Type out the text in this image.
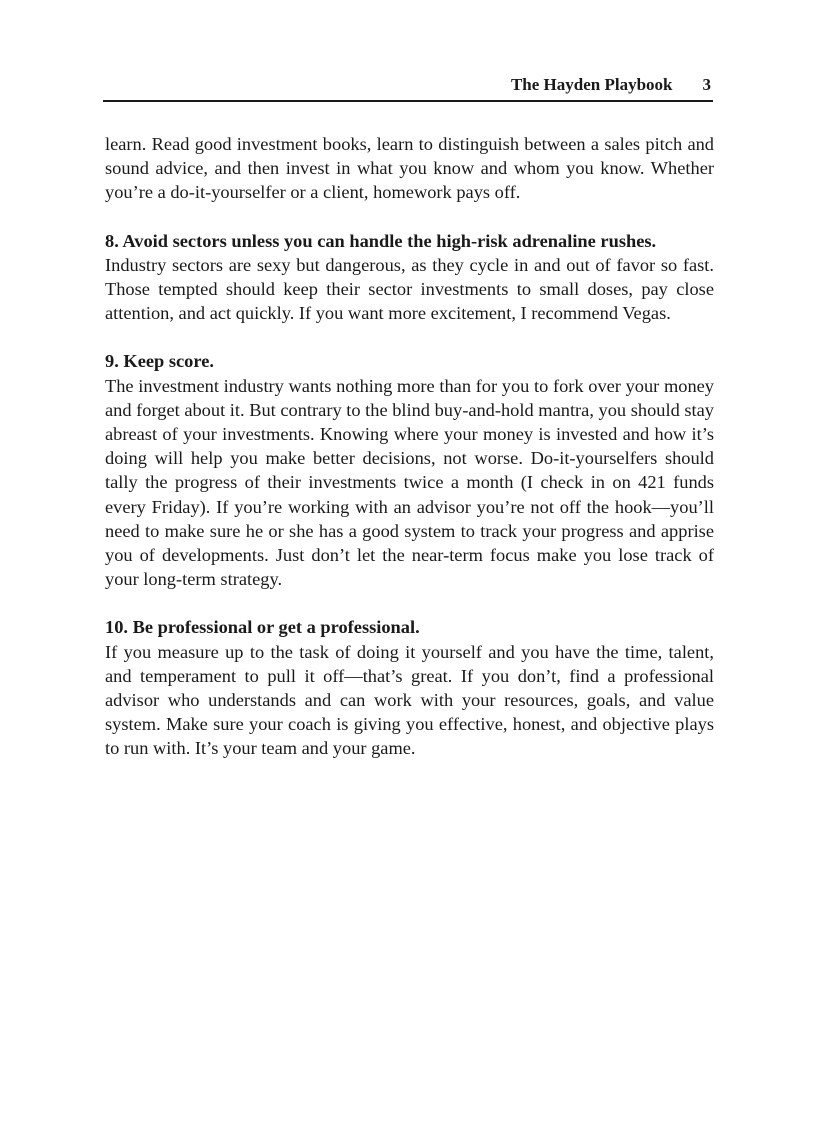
The Hayden Playbook 3

learn. Read good investment books, learn to distinguish between a sales pitch and sound advice, and then invest in what you know and whom you know. Whether you’re a do-it-yourselfer or a client, homework pays off.

8. Avoid sectors unless you can handle the high-risk adrenaline rushes.

Industry sectors are sexy but dangerous, as they cycle in and out of favor so fast. Those tempted should keep their sector investments to small doses, pay close attention, and act quickly. If you want more excitement, I recommend Vegas.

9. Keep score.

The investment industry wants nothing more than for you to fork over your money and forget about it. But contrary to the blind buy-and-hold mantra, you should stay abreast of your investments. Knowing where your money is invested and how it’s doing will help you make better decisions, not worse. Do-it-yourselfers should tally the progress of their investments twice a month (I check in on 421 funds every Friday). If you’re working with an advisor you’re not off the hook—you’ll need to make sure he or she has a good system to track your progress and apprise you of developments. Just don’t let the near-term focus make you lose track of your long-term strategy.

10. Be professional or get a professional.

If you measure up to the task of doing it yourself and you have the time, talent, and temperament to pull it off—that’s great. If you don’t, find a professional advisor who understands and can work with your resources, goals, and value system. Make sure your coach is giving you effective, honest, and objective plays to run with. It’s your team and your game.
